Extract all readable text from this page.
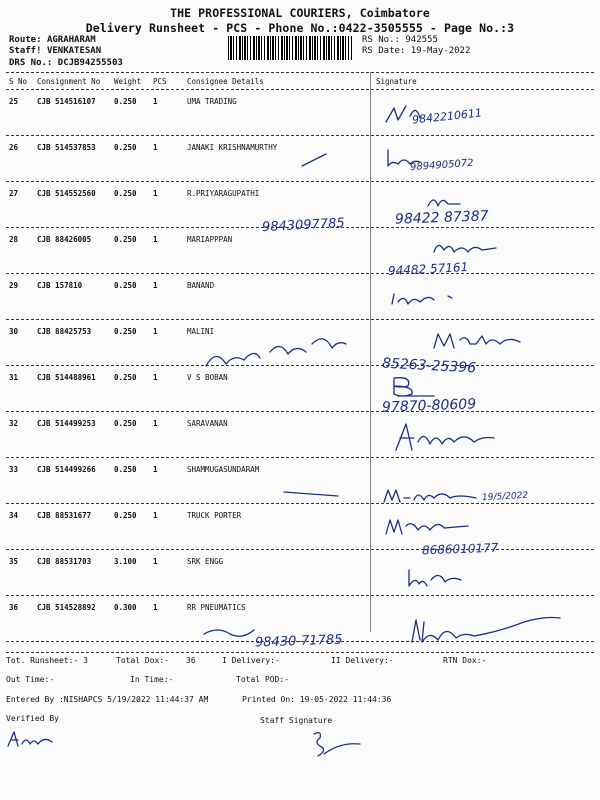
THE PROFESSIONAL COURIERS, Coimbatore
Delivery Runsheet - PCS - Phone No.:0422-3505555 - Page No.:3
Route: AGRAHARAM
Staff! VENKATESAN
DRS No.: DCJB94255503
RS No.: 942555
RS Date: 19-May-2022
S No Consignment No Weight PCS	Consignee Details	Signature
25	CJB 514516107 0.250 1	UMA TRADING
26	CJB 514537853 0.250 1	JANAKI KRISHNAMURTHY
27	CJB 514552560 0.250 1	R.PRIYARAGUPATHI
28	CJB 88426005	0.250 1	MARIAPPPAN
29	CJB 157810	0.250 1	BANAND
30	CJB 88425753	0.250 1	MALINI
31	CJB 514488961 0.250 1	V S BOBAN
32	CJB 514499253 0.250 1	SARAVANAN
33	CJB 514499266 0.250 1	SHAMMUGASUNDARAM
34	CJB 88531677	0.250 1	TRUCK PORTER
35	CJB 88531703	3.100 1	SRK ENGG
36	CJB 514528892 0.300 1	RR PNEUMATICS
9842210611
9894905072
98422 87387
94482 57161
85263-25396
97870-80609
19/5/2022
8686010177
9843097785
98430-71785
Tot. Runsheet:- 3	Total Dox:- 36	I Delivery:-	II Delivery:-	RTN Dox:-
Out Time:-	In Time:-	Total POD:-
Entered By :NISHAPCS 5/19/2022 11:44:37 AM	Printed On: 19-05-2022 11:44:36
Verified By	Staff Signature
